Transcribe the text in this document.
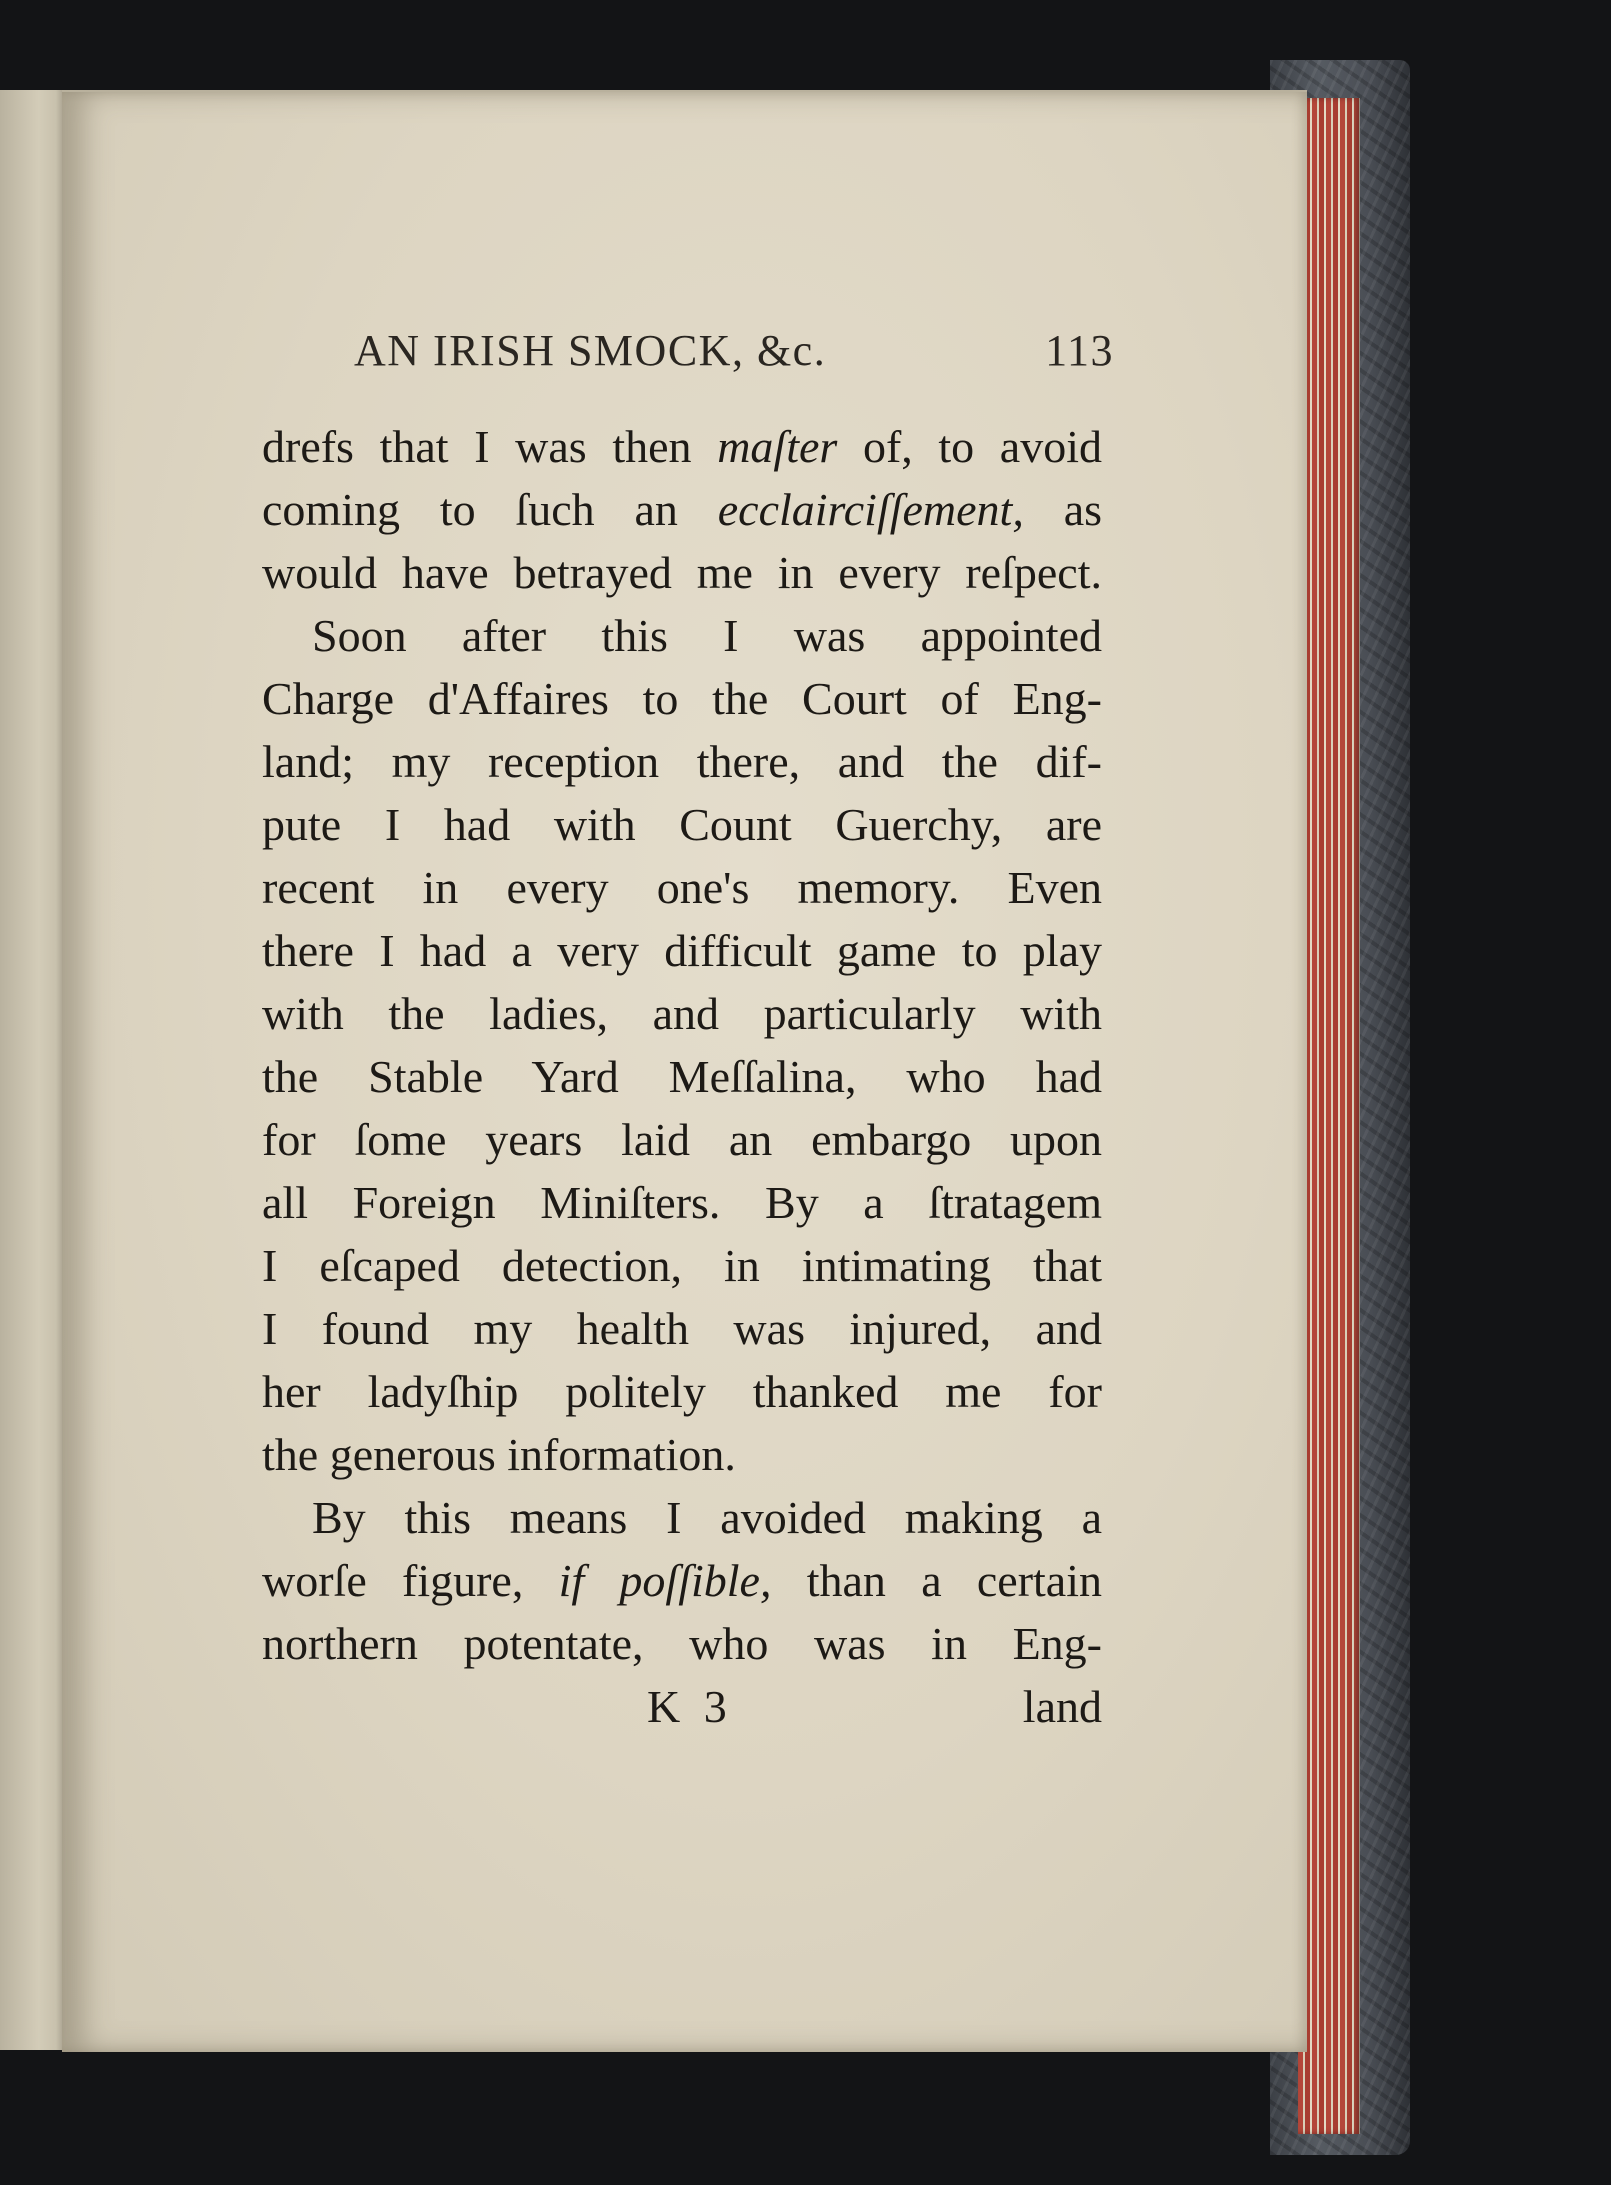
AN IRISH SMOCK, &c.	113
drefs that I was then maſter of, to avoid
coming to ſuch an ecclairciſſement, as
would have betrayed me in every reſpect.
Soon after this I was appointed
Charge d'Affaires to the Court of Eng-
land; my reception there, and the dif-
pute I had with Count Guerchy, are
recent in every one's memory. Even
there I had a very difficult game to play
with the ladies, and particularly with
the Stable Yard Meſſalina, who had
for ſome years laid an embargo upon
all Foreign Miniſters. By a ſtratagem
I eſcaped detection, in intimating that
I found my health was injured, and
her ladyſhip politely thanked me for
the generous information.
By this means I avoided making a
worſe figure, if poſſible, than a certain
northern potentate, who was in Eng-
K 3	land
